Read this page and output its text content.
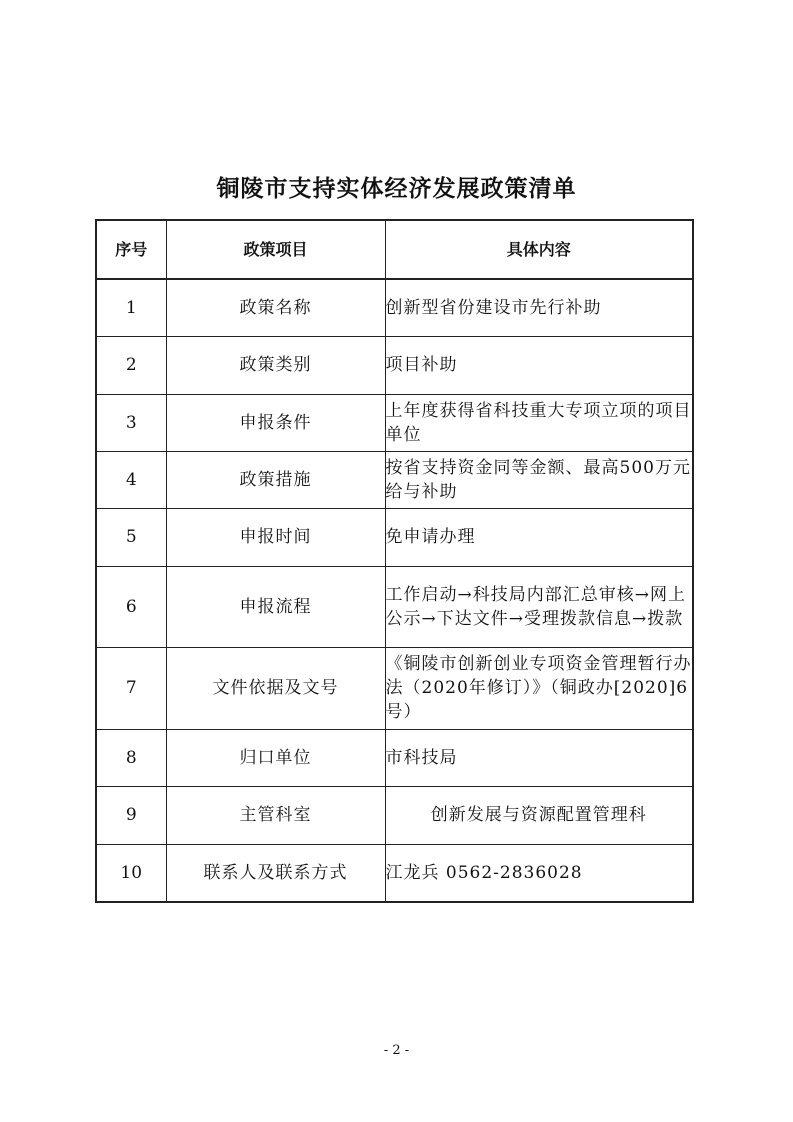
铜陵市支持实体经济发展政策清单
序号	政策项目	具体内容
1	政策名称	创新型省份建设市先行补助
2	政策类别	项目补助
3	申报条件	上年度获得省科技重大专项立项的项目单位
4	政策措施	按省支持资金同等金额、最高500万元给与补助
5	申报时间	免申请办理
6	申报流程	工作启动→科技局内部汇总审核→网上公示→下达文件→受理拨款信息→拨款
7	文件依据及文号	《铜陵市创新创业专项资金管理暂行办法（2020年修订）》（铜政办[2020]6号）
8	归口单位	市科技局
9	主管科室	创新发展与资源配置管理科
10	联系人及联系方式	江龙兵 0562-2836028
- 2 -
